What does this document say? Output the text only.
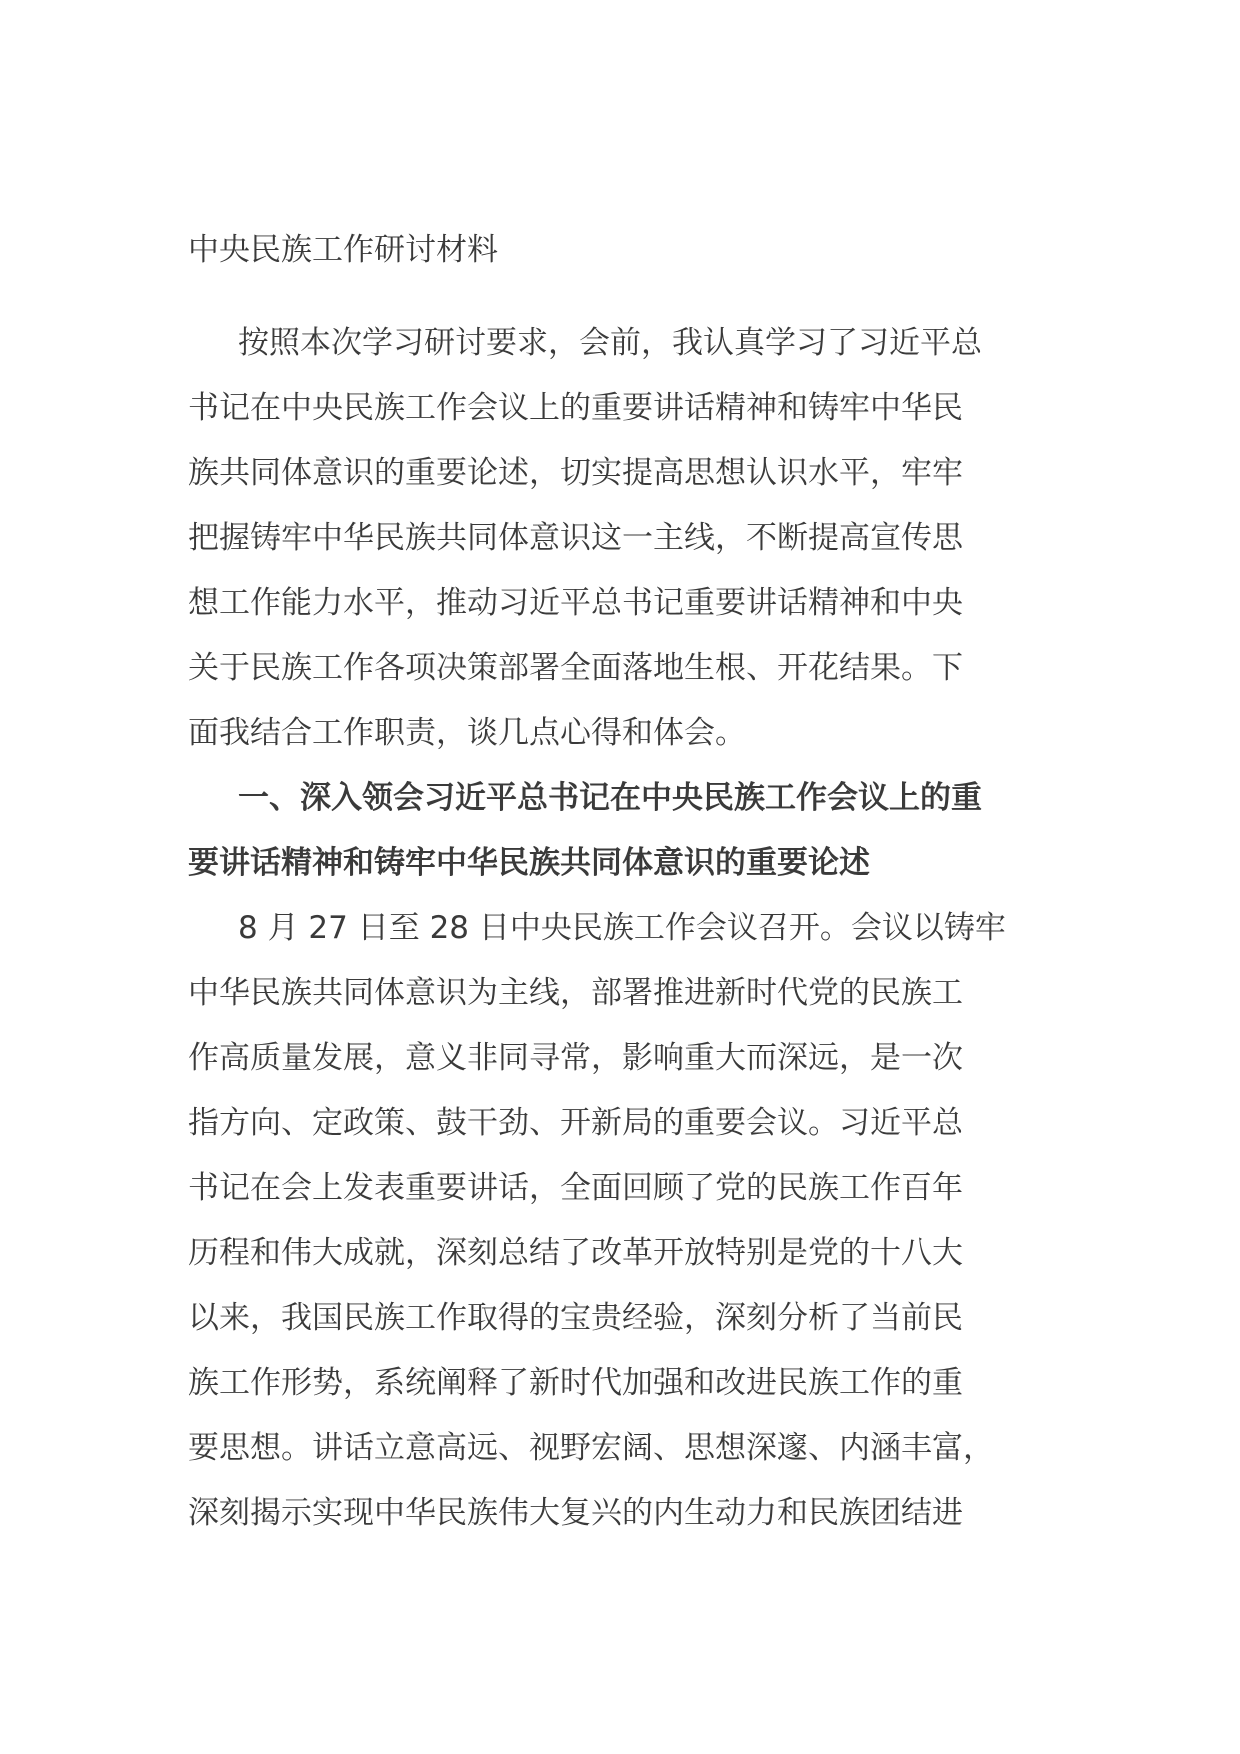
中央民族工作研讨材料
按照本次学习研讨要求，会前，我认真学习了习近平总
书记在中央民族工作会议上的重要讲话精神和铸牢中华民
族共同体意识的重要论述，切实提高思想认识水平，牢牢
把握铸牢中华民族共同体意识这一主线，不断提高宣传思
想工作能力水平，推动习近平总书记重要讲话精神和中央
关于民族工作各项决策部署全面落地生根、开花结果。下
面我结合工作职责，谈几点心得和体会。
一、深入领会习近平总书记在中央民族工作会议上的重
要讲话精神和铸牢中华民族共同体意识的重要论述
8 月 27 日至 28 日中央民族工作会议召开。会议以铸牢
中华民族共同体意识为主线，部署推进新时代党的民族工
作高质量发展，意义非同寻常，影响重大而深远，是一次
指方向、定政策、鼓干劲、开新局的重要会议。习近平总
书记在会上发表重要讲话，全面回顾了党的民族工作百年
历程和伟大成就，深刻总结了改革开放特别是党的十八大
以来，我国民族工作取得的宝贵经验，深刻分析了当前民
族工作形势，系统阐释了新时代加强和改进民族工作的重
要思想。讲话立意高远、视野宏阔、思想深邃、内涵丰富，
深刻揭示实现中华民族伟大复兴的内生动力和民族团结进
